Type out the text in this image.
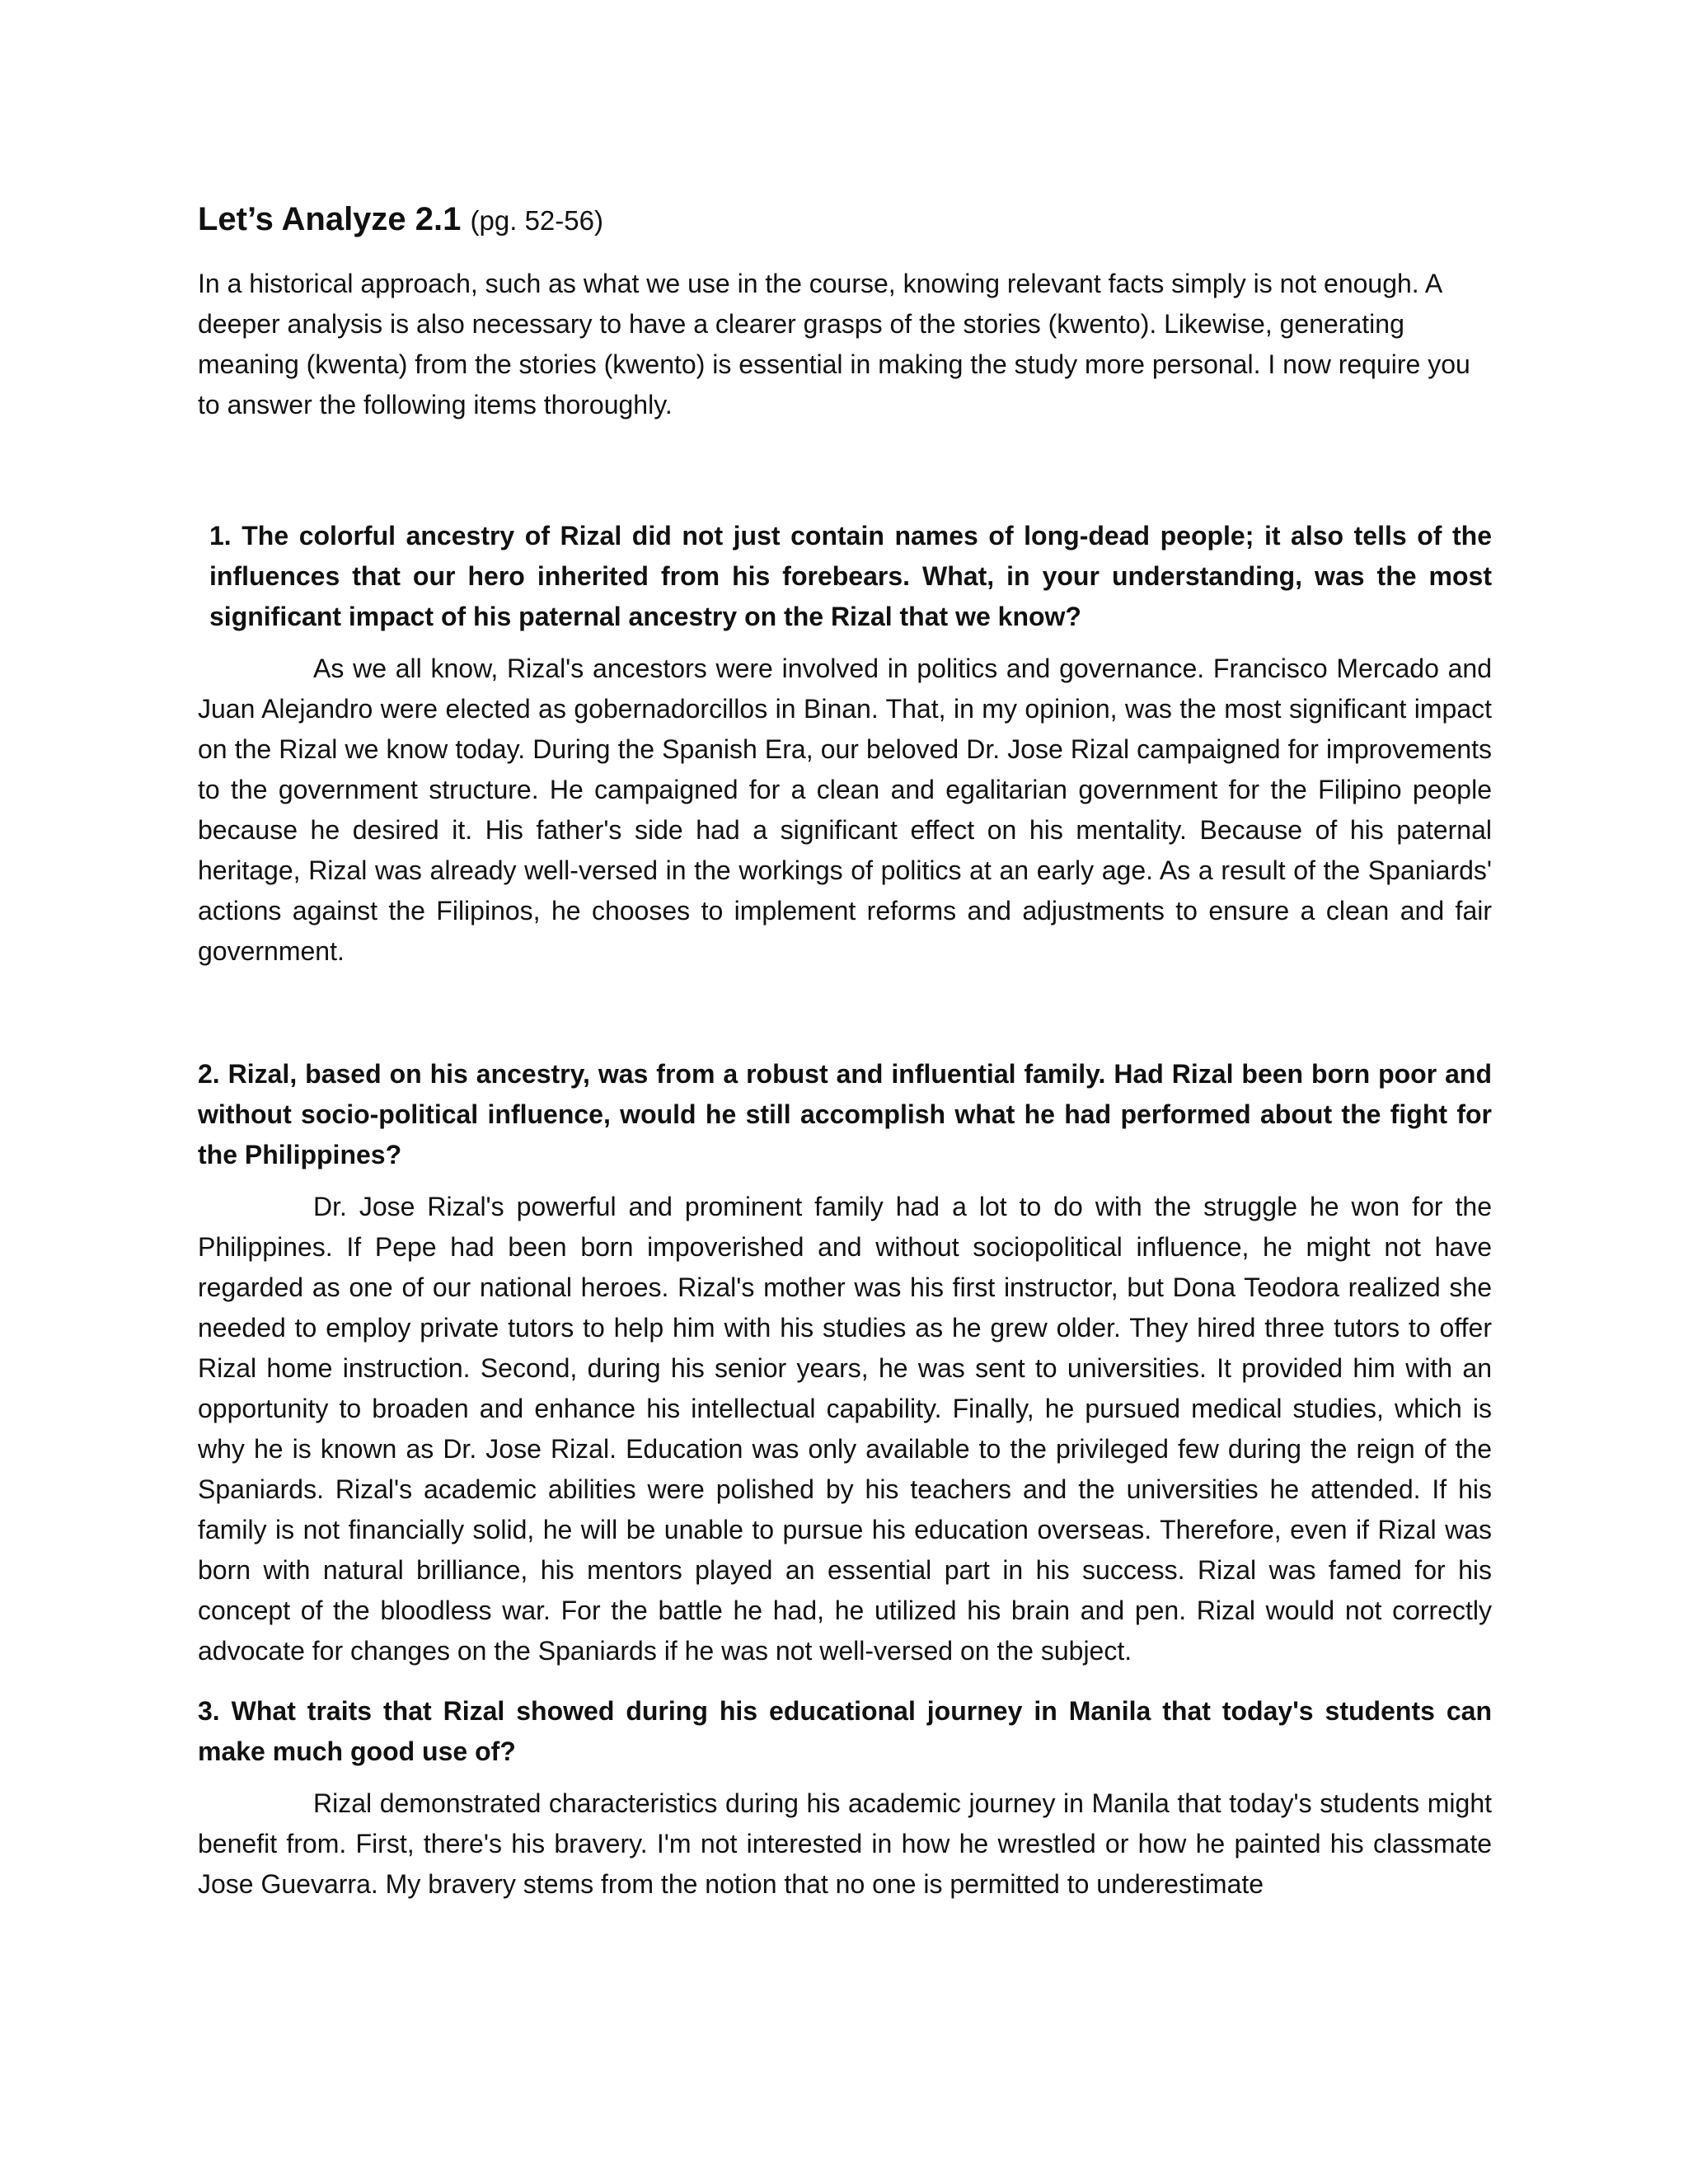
Let’s Analyze 2.1 (pg. 52-56)

In a historical approach, such as what we use in the course, knowing relevant facts simply is not enough. A deeper analysis is also necessary to have a clearer grasps of the stories (kwento). Likewise, generating meaning (kwenta) from the stories (kwento) is essential in making the study more personal. I now require you to answer the following items thoroughly.

1. The colorful ancestry of Rizal did not just contain names of long-dead people; it also tells of the influences that our hero inherited from his forebears. What, in your understanding, was the most significant impact of his paternal ancestry on the Rizal that we know?

As we all know, Rizal's ancestors were involved in politics and governance. Francisco Mercado and Juan Alejandro were elected as gobernadorcillos in Binan. That, in my opinion, was the most significant impact on the Rizal we know today. During the Spanish Era, our beloved Dr. Jose Rizal campaigned for improvements to the government structure. He campaigned for a clean and egalitarian government for the Filipino people because he desired it. His father's side had a significant effect on his mentality. Because of his paternal heritage, Rizal was already well-versed in the workings of politics at an early age. As a result of the Spaniards' actions against the Filipinos, he chooses to implement reforms and adjustments to ensure a clean and fair government.

2. Rizal, based on his ancestry, was from a robust and influential family. Had Rizal been born poor and without socio-political influence, would he still accomplish what he had performed about the fight for the Philippines?

Dr. Jose Rizal's powerful and prominent family had a lot to do with the struggle he won for the Philippines. If Pepe had been born impoverished and without sociopolitical influence, he might not have regarded as one of our national heroes. Rizal's mother was his first instructor, but Dona Teodora realized she needed to employ private tutors to help him with his studies as he grew older. They hired three tutors to offer Rizal home instruction. Second, during his senior years, he was sent to universities. It provided him with an opportunity to broaden and enhance his intellectual capability. Finally, he pursued medical studies, which is why he is known as Dr. Jose Rizal. Education was only available to the privileged few during the reign of the Spaniards. Rizal's academic abilities were polished by his teachers and the universities he attended. If his family is not financially solid, he will be unable to pursue his education overseas. Therefore, even if Rizal was born with natural brilliance, his mentors played an essential part in his success. Rizal was famed for his concept of the bloodless war. For the battle he had, he utilized his brain and pen. Rizal would not correctly advocate for changes on the Spaniards if he was not well-versed on the subject.

3. What traits that Rizal showed during his educational journey in Manila that today's students can make much good use of?

Rizal demonstrated characteristics during his academic journey in Manila that today's students might benefit from. First, there's his bravery. I'm not interested in how he wrestled or how he painted his classmate Jose Guevarra. My bravery stems from the notion that no one is permitted to underestimate
